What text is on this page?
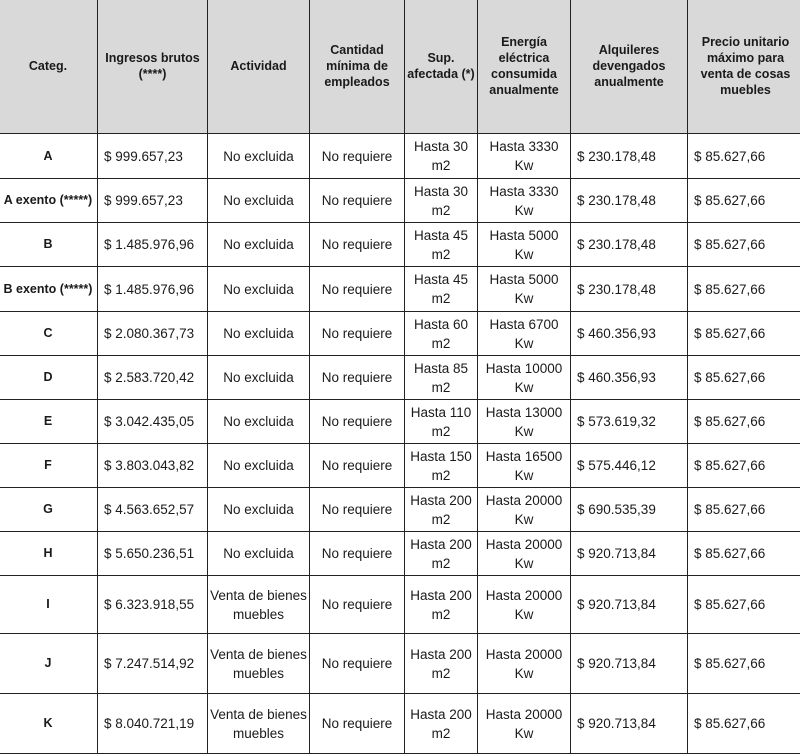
Categ.	Ingresos brutos (****)	Actividad	Cantidad mínima de empleados	Sup. afectada (*)	Energía eléctrica consumida anualmente	Alquileres devengados anualmente	Precio unitario máximo para venta de cosas muebles
A	$ 999.657,23	No excluida	No requiere	Hasta 30 m2	Hasta 3330 Kw	$ 230.178,48	$ 85.627,66
A exento (*****)	$ 999.657,23	No excluida	No requiere	Hasta 30 m2	Hasta 3330 Kw	$ 230.178,48	$ 85.627,66
B	$ 1.485.976,96	No excluida	No requiere	Hasta 45 m2	Hasta 5000 Kw	$ 230.178,48	$ 85.627,66
B exento (*****)	$ 1.485.976,96	No excluida	No requiere	Hasta 45 m2	Hasta 5000 Kw	$ 230.178,48	$ 85.627,66
C	$ 2.080.367,73	No excluida	No requiere	Hasta 60 m2	Hasta 6700 Kw	$ 460.356,93	$ 85.627,66
D	$ 2.583.720,42	No excluida	No requiere	Hasta 85 m2	Hasta 10000 Kw	$ 460.356,93	$ 85.627,66
E	$ 3.042.435,05	No excluida	No requiere	Hasta 110 m2	Hasta 13000 Kw	$ 573.619,32	$ 85.627,66
F	$ 3.803.043,82	No excluida	No requiere	Hasta 150 m2	Hasta 16500 Kw	$ 575.446,12	$ 85.627,66
G	$ 4.563.652,57	No excluida	No requiere	Hasta 200 m2	Hasta 20000 Kw	$ 690.535,39	$ 85.627,66
H	$ 5.650.236,51	No excluida	No requiere	Hasta 200 m2	Hasta 20000 Kw	$ 920.713,84	$ 85.627,66
I	$ 6.323.918,55	Venta de bienes muebles	No requiere	Hasta 200 m2	Hasta 20000 Kw	$ 920.713,84	$ 85.627,66
J	$ 7.247.514,92	Venta de bienes muebles	No requiere	Hasta 200 m2	Hasta 20000 Kw	$ 920.713,84	$ 85.627,66
K	$ 8.040.721,19	Venta de bienes muebles	No requiere	Hasta 200 m2	Hasta 20000 Kw	$ 920.713,84	$ 85.627,66
